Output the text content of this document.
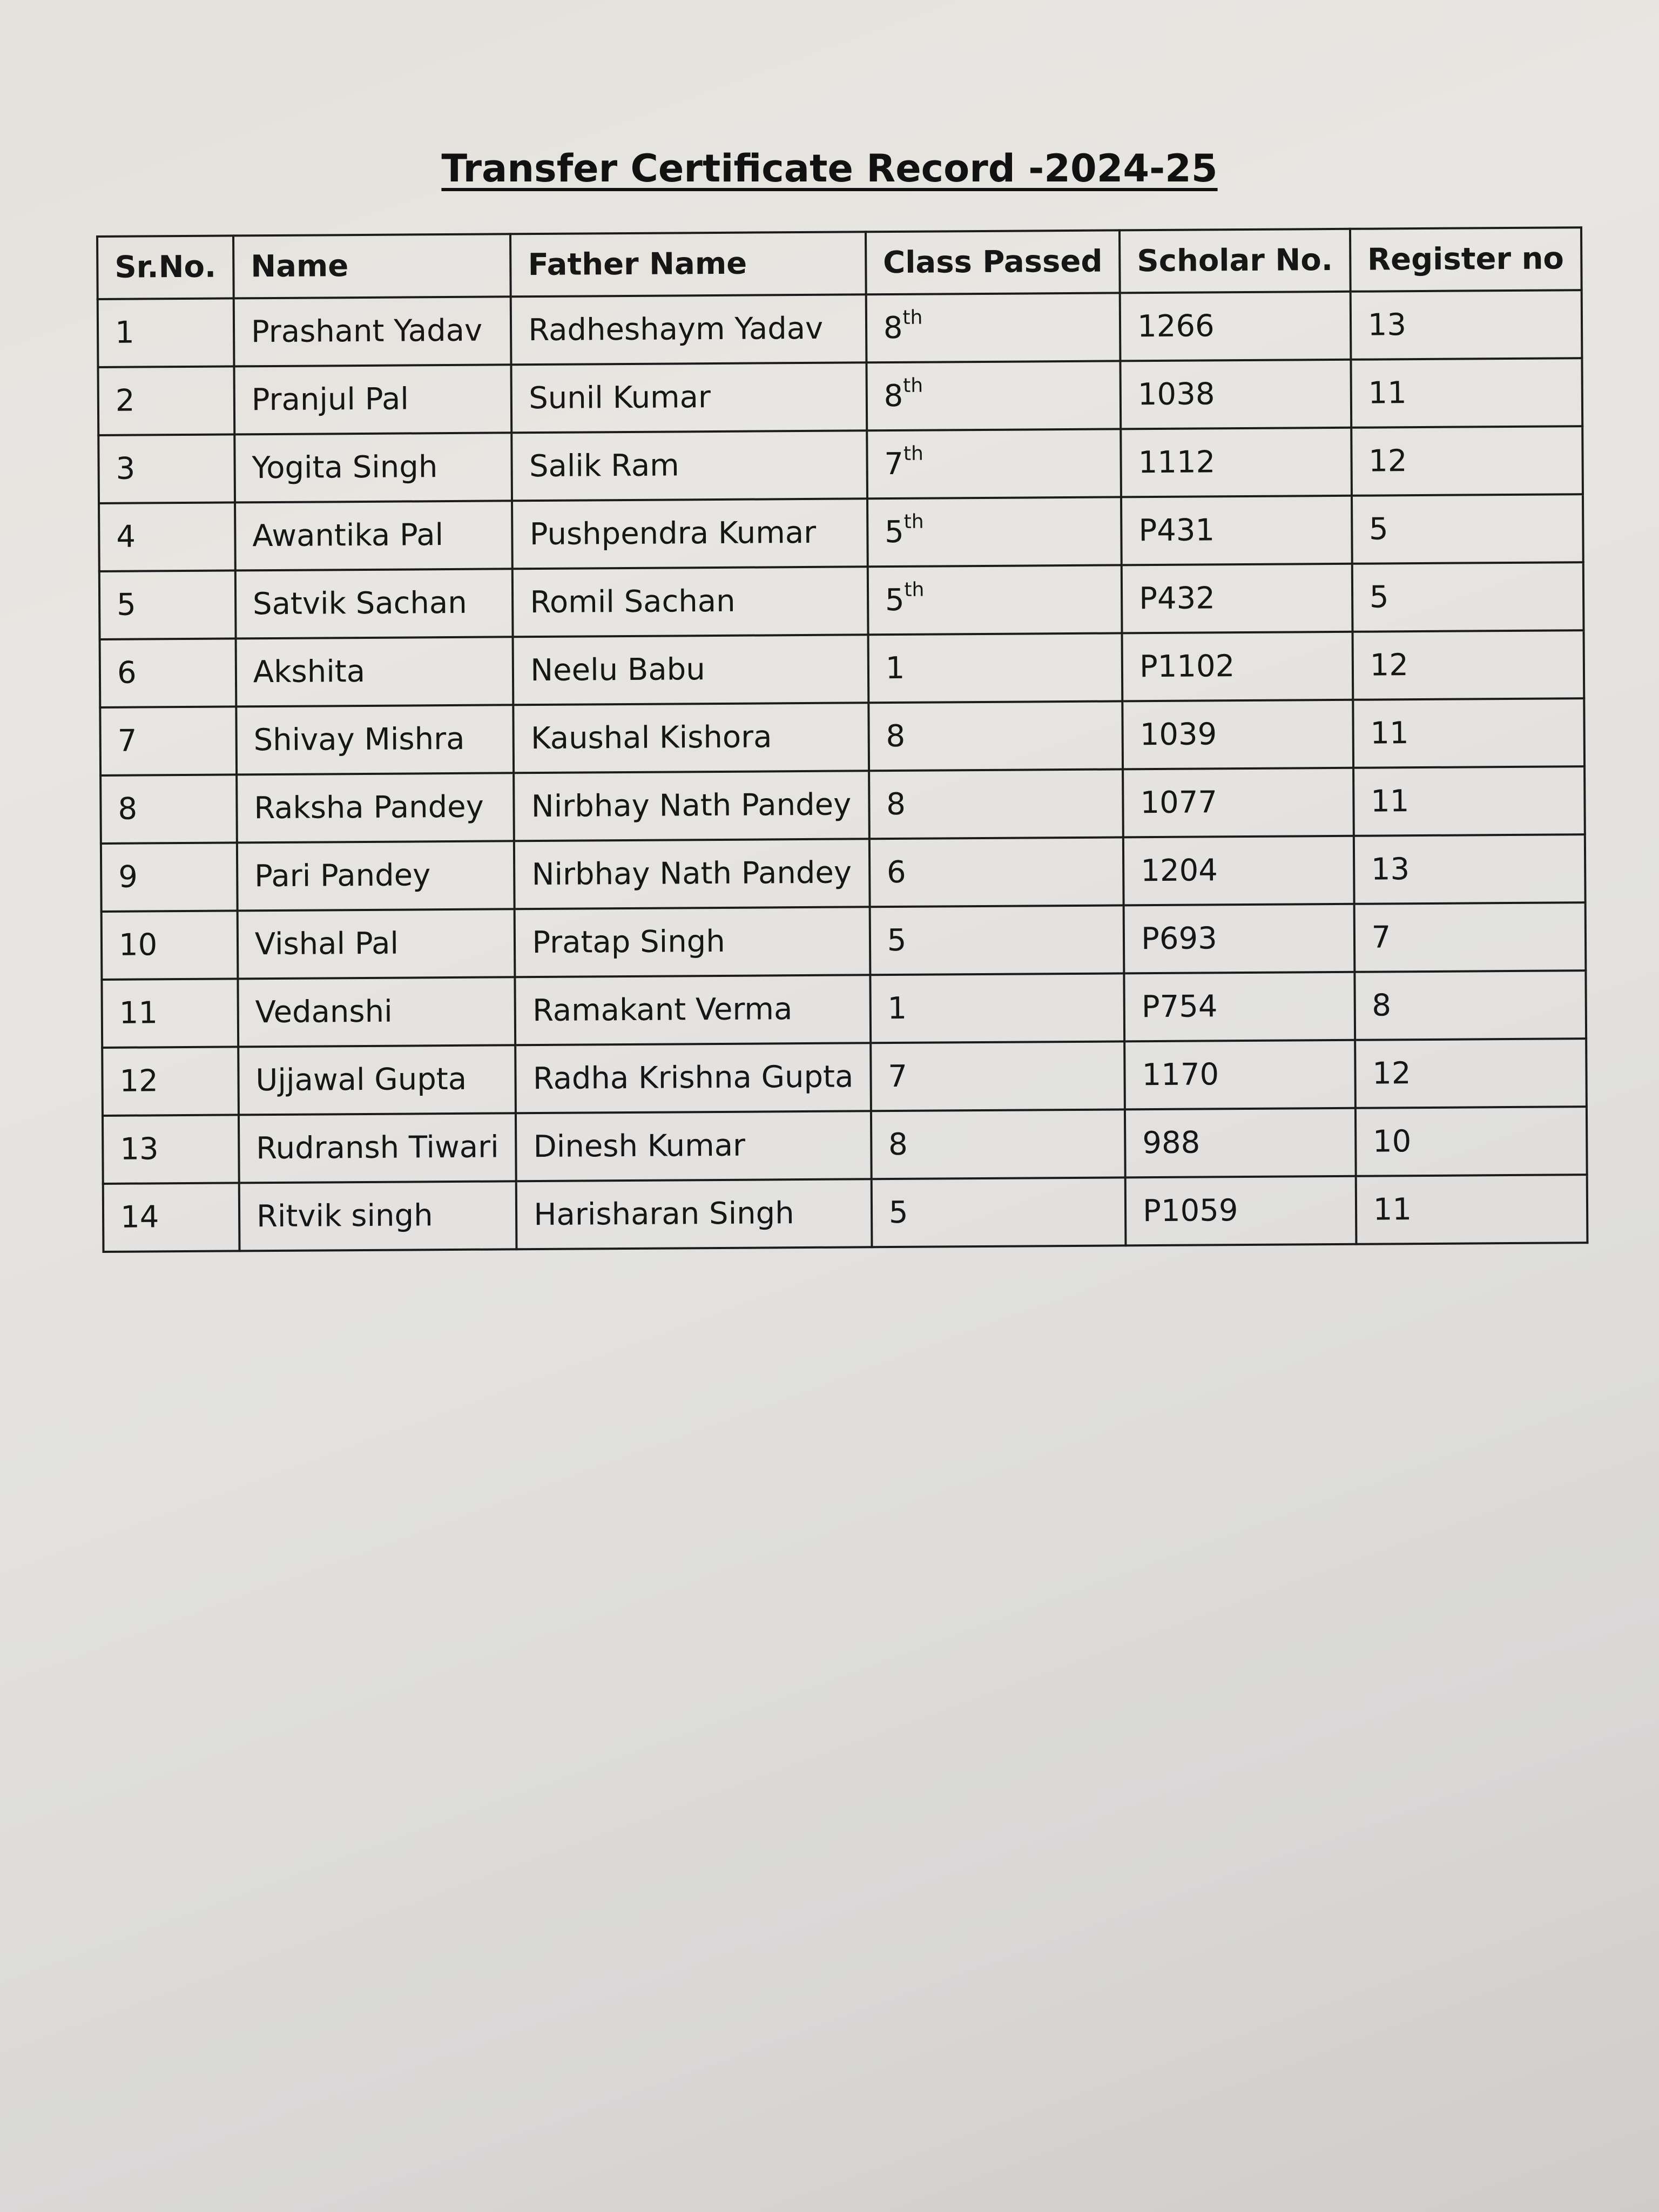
Transfer Certificate Record -2024-25
Sr.No.	Name	Father Name	Class Passed	Scholar No.	Register no
1	Prashant Yadav	Radheshaym Yadav	8th	1266	13
2	Pranjul Pal	Sunil Kumar	8th	1038	11
3	Yogita Singh	Salik Ram	7th	1112	12
4	Awantika Pal	Pushpendra Kumar	5th	P431	5
5	Satvik Sachan	Romil Sachan	5th	P432	5
6	Akshita	Neelu Babu	1	P1102	12
7	Shivay Mishra	Kaushal Kishora	8	1039	11
8	Raksha Pandey	Nirbhay Nath Pandey	8	1077	11
9	Pari Pandey	Nirbhay Nath Pandey	6	1204	13
10	Vishal Pal	Pratap Singh	5	P693	7
11	Vedanshi	Ramakant Verma	1	P754	8
12	Ujjawal Gupta	Radha Krishna Gupta	7	1170	12
13	Rudransh Tiwari	Dinesh Kumar	8	988	10
14	Ritvik singh	Harisharan Singh	5	P1059	11
